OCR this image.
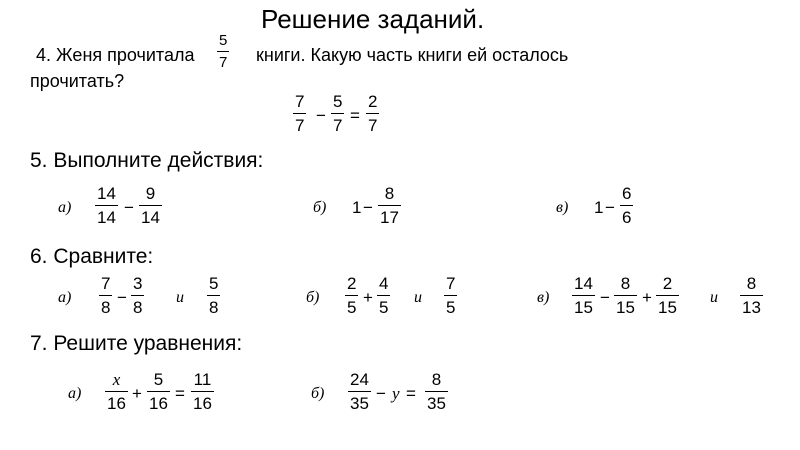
Решение заданий.
4. Женя прочитала
5
7 книги. Какую часть книги ей осталось
прочитать?
7
7
−
5
7
=
2
7
5. Выполните действия:
а)
14
14
−
9
14
б) 1 −
8
17
в) 1 −
6
6
6. Сравните:
а)
7
8
−
3
8
и
5
8
б)
2
5
+
4
5
и
7
5
в)
14
15
−
8
15
+
2
15
и
8
13
7. Решите уравнения:
а)
x
16
+
5
16
=
11
16
б)
24
35
− y =
8
35
